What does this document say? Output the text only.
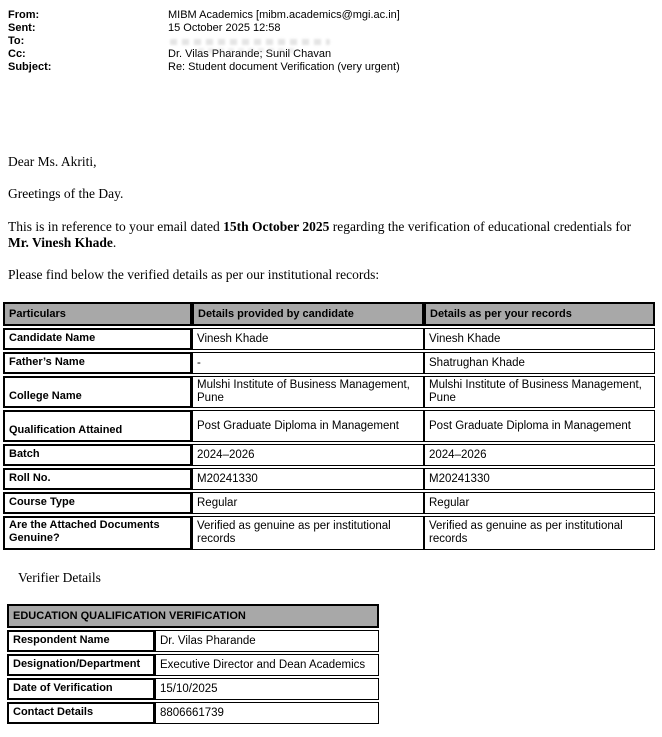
From:	MIBM Academics [mibm.academics@mgi.ac.in]
Sent:	15 October 2025 12:58
To:
Cc:	Dr. Vilas Pharande; Sunil Chavan
Subject:	Re: Student document Verification (very urgent)

Dear Ms. Akriti,

Greetings of the Day.

This is in reference to your email dated 15th October 2025 regarding the verification of educational credentials for Mr. Vinesh Khade.

Please find below the verified details as per our institutional records:

Particulars	Details provided by candidate	Details as per your records
Candidate Name	Vinesh Khade	Vinesh Khade
Father’s Name	-	Shatrughan Khade
College Name	Mulshi Institute of Business Management, Pune	Mulshi Institute of Business Management, Pune
Qualification Attained	Post Graduate Diploma in Management	Post Graduate Diploma in Management
Batch	2024–2026	2024–2026
Roll No.	M20241330	M20241330
Course Type	Regular	Regular
Are the Attached Documents Genuine?	Verified as genuine as per institutional records	Verified as genuine as per institutional records
Verifier Details
EDUCATION QUALIFICATION VERIFICATION	
Respondent Name	Dr. Vilas Pharande
Designation/Department	Executive Director and Dean Academics
Date of Verification	15/10/2025
Contact Details	8806661739
